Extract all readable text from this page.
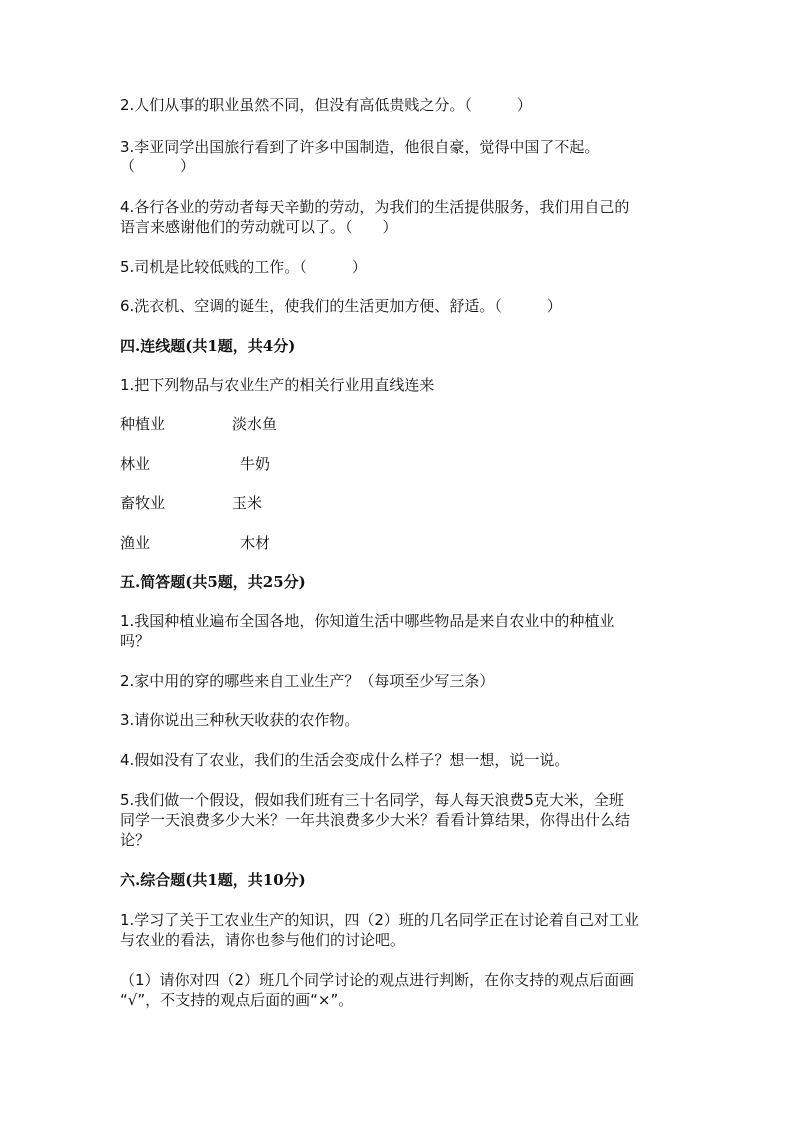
2.人们从事的职业虽然不同，但没有高低贵贱之分。（　　　）
3.李亚同学出国旅行看到了许多中国制造，他很自豪，觉得中国了不起。
（　　　）
4.各行各业的劳动者每天辛勤的劳动，为我们的生活提供服务，我们用自己的
语言来感谢他们的劳动就可以了。（　　）
5.司机是比较低贱的工作。（　　　）
6.洗衣机、空调的诞生，使我们的生活更加方便、舒适。（　　　）
四.连线题(共1题，共4分)
1.把下列物品与农业生产的相关行业用直线连来
种植业	淡水鱼
林业	牛奶
畜牧业	玉米
渔业	木材
五.简答题(共5题，共25分)
1.我国种植业遍布全国各地，你知道生活中哪些物品是来自农业中的种植业
吗？
2.家中用的穿的哪些来自工业生产？（每项至少写三条）
3.请你说出三种秋天收获的农作物。
4.假如没有了农业，我们的生活会变成什么样子？想一想，说一说。
5.我们做一个假设，假如我们班有三十名同学，每人每天浪费5克大米，全班
同学一天浪费多少大米？一年共浪费多少大米？看看计算结果，你得出什么结
论？
六.综合题(共1题，共10分)
1.学习了关于工农业生产的知识，四（2）班的几名同学正在讨论着自己对工业
与农业的看法，请你也参与他们的讨论吧。
（1）请你对四（2）班几个同学讨论的观点进行判断，在你支持的观点后面画
“√”，不支持的观点后面的画“×”。
